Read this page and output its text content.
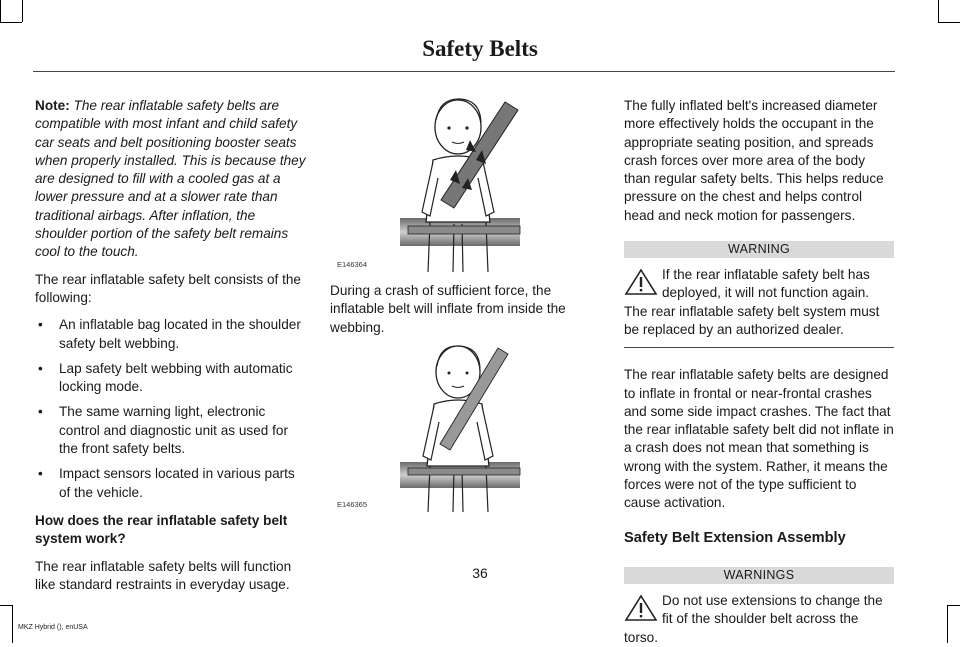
Safety Belts

Note: The rear inflatable safety belts are compatible with most infant and child safety car seats and belt positioning booster seats when properly installed. This is because they are designed to fill with a cooled gas at a lower pressure and at a slower rate than traditional airbags. After inflation, the shoulder portion of the safety belt remains cool to the touch.

The rear inflatable safety belt consists of the following:

• An inflatable bag located in the shoulder safety belt webbing.
• Lap safety belt webbing with automatic locking mode.
• The same warning light, electronic control and diagnostic unit as used for the front safety belts.
• Impact sensors located in various parts of the vehicle.

How does the rear inflatable safety belt system work?

The rear inflatable safety belts will function like standard restraints in everyday usage.

E146364

During a crash of sufficient force, the inflatable belt will inflate from inside the webbing.

E146365

The fully inflated belt's increased diameter more effectively holds the occupant in the appropriate seating position, and spreads crash forces over more area of the body than regular safety belts. This helps reduce pressure on the chest and helps control head and neck motion for passengers.

WARNING
If the rear inflatable safety belt has deployed, it will not function again. The rear inflatable safety belt system must be replaced by an authorized dealer.

The rear inflatable safety belts are designed to inflate in frontal or near-frontal crashes and some side impact crashes. The fact that the rear inflatable safety belt did not inflate in a crash does not mean that something is wrong with the system. Rather, it means the forces were not of the type sufficient to cause activation.

Safety Belt Extension Assembly
WARNINGS
Do not use extensions to change the fit of the shoulder belt across the torso.
36
MKZ Hybrid (), enUSA
